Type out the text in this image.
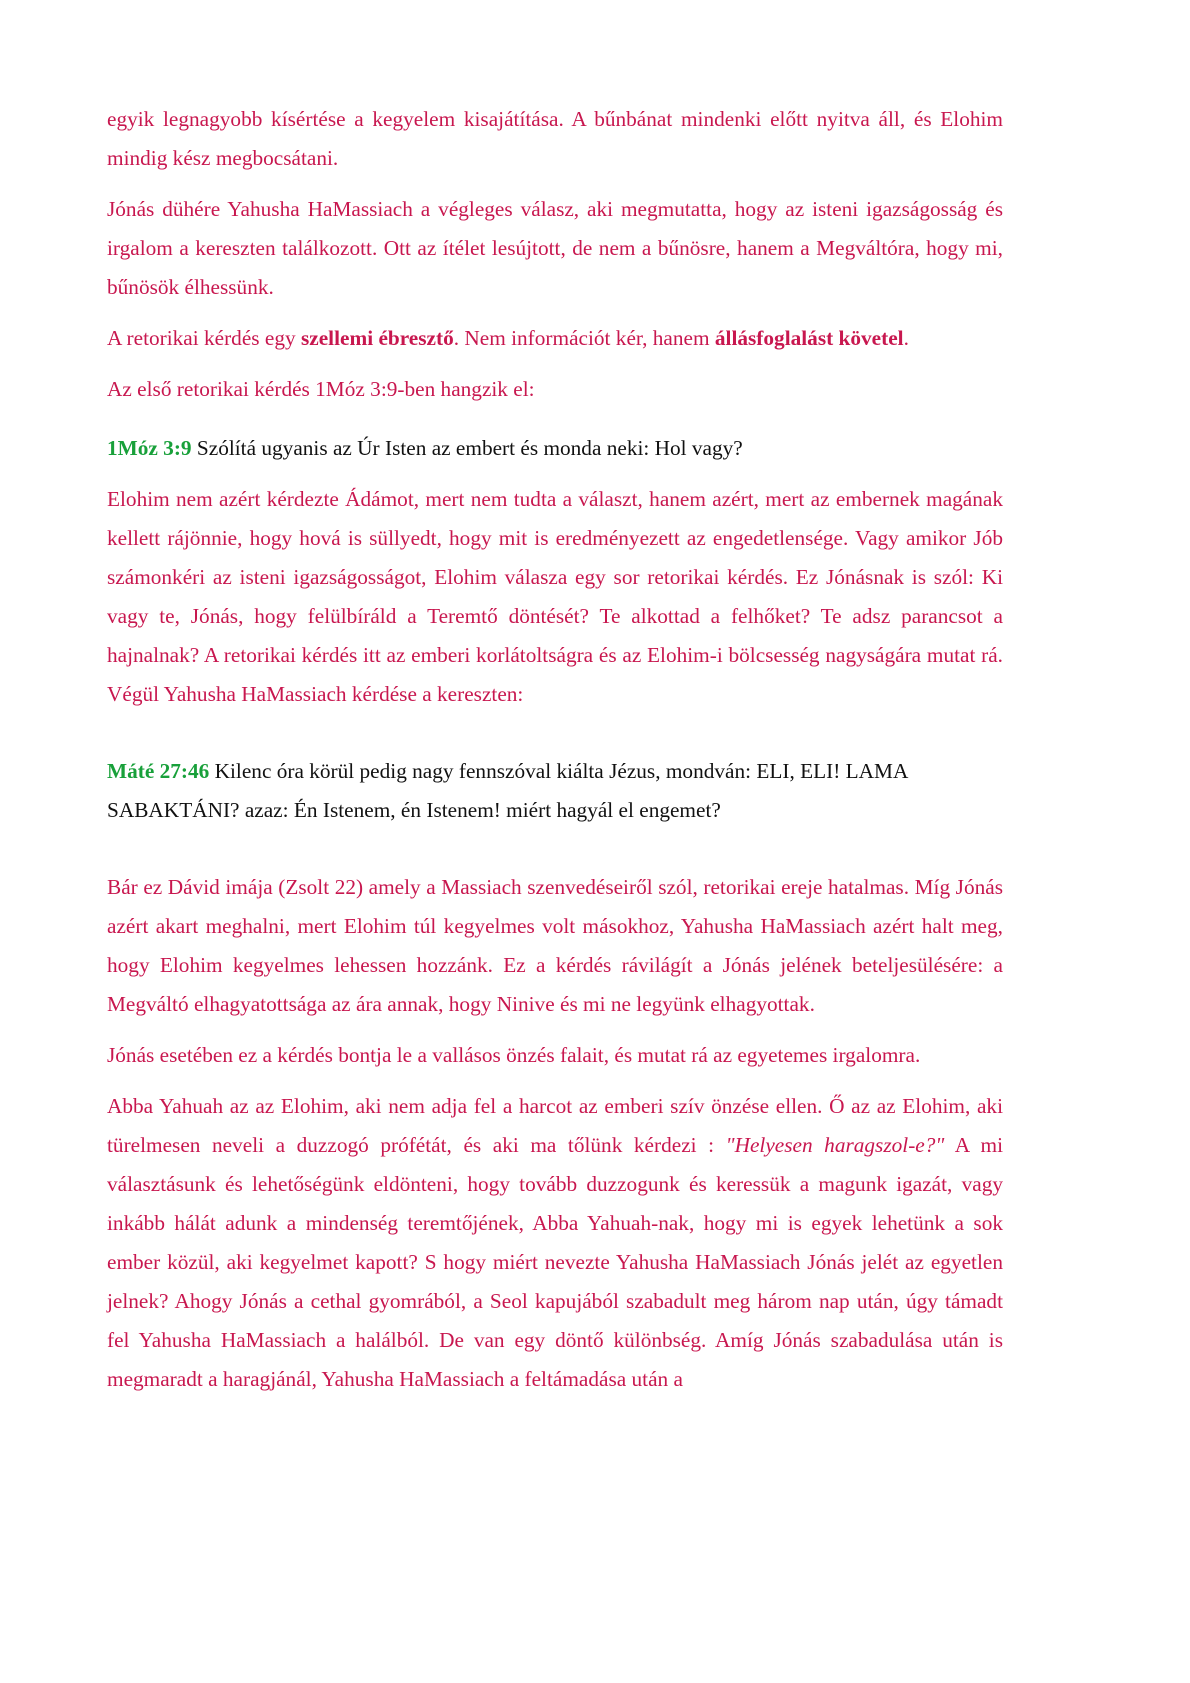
egyik legnagyobb kísértése a kegyelem kisajátítása. A bűnbánat mindenki előtt nyitva áll, és Elohim mindig kész megbocsátani.

Jónás dühére Yahusha HaMassiach a végleges válasz, aki megmutatta, hogy az isteni igazságosság és irgalom a kereszten találkozott. Ott az ítélet lesújtott, de nem a bűnösre, hanem a Megváltóra, hogy mi, bűnösök élhessünk.

A retorikai kérdés egy szellemi ébresztő. Nem információt kér, hanem állásfoglalást követel.

Az első retorikai kérdés 1Móz 3:9-ben hangzik el:

1Móz 3:9 Szólítá ugyanis az Úr Isten az embert és monda neki: Hol vagy?

Elohim nem azért kérdezte Ádámot, mert nem tudta a választ, hanem azért, mert az embernek magának kellett rájönnie, hogy hová is süllyedt, hogy mit is eredményezett az engedetlensége. Vagy amikor Jób számonkéri az isteni igazságosságot, Elohim válasza egy sor retorikai kérdés. Ez Jónásnak is szól: Ki vagy te, Jónás, hogy felülbíráld a Teremtő döntését? Te alkottad a felhőket? Te adsz parancsot a hajnalnak? A retorikai kérdés itt az emberi korlátoltságra és az Elohim-i bölcsesség nagyságára mutat rá. Végül Yahusha HaMassiach kérdése a kereszten:

Máté 27:46 Kilenc óra körül pedig nagy fennszóval kiálta Jézus, mondván: ELI, ELI! LAMA SABAKTÁNI? azaz: Én Istenem, én Istenem! miért hagyál el engemet?

Bár ez Dávid imája (Zsolt 22) amely a Massiach szenvedéseiről szól, retorikai ereje hatalmas. Míg Jónás azért akart meghalni, mert Elohim túl kegyelmes volt másokhoz, Yahusha HaMassiach azért halt meg, hogy Elohim kegyelmes lehessen hozzánk. Ez a kérdés rávilágít a Jónás jelének beteljesülésére: a Megváltó elhagyatottsága az ára annak, hogy Ninive és mi ne legyünk elhagyottak.

Jónás esetében ez a kérdés bontja le a vallásos önzés falait, és mutat rá az egyetemes irgalomra.

Abba Yahuah az az Elohim, aki nem adja fel a harcot az emberi szív önzése ellen. Ő az az Elohim, aki türelmesen neveli a duzzogó prófétát, és aki ma tőlünk kérdezi : "Helyesen haragszol-e?" A mi választásunk és lehetőségünk eldönteni, hogy tovább duzzogunk és keressük a magunk igazát, vagy inkább hálát adunk a mindenség teremtőjének, Abba Yahuah-nak, hogy mi is egyek lehetünk a sok ember közül, aki kegyelmet kapott? S hogy miért nevezte Yahusha HaMassiach Jónás jelét az egyetlen jelnek? Ahogy Jónás a cethal gyomrából, a Seol kapujából szabadult meg három nap után, úgy támadt fel Yahusha HaMassiach a halálból. De van egy döntő különbség. Amíg Jónás szabadulása után is megmaradt a haragjánál, Yahusha HaMassiach a feltámadása után a
